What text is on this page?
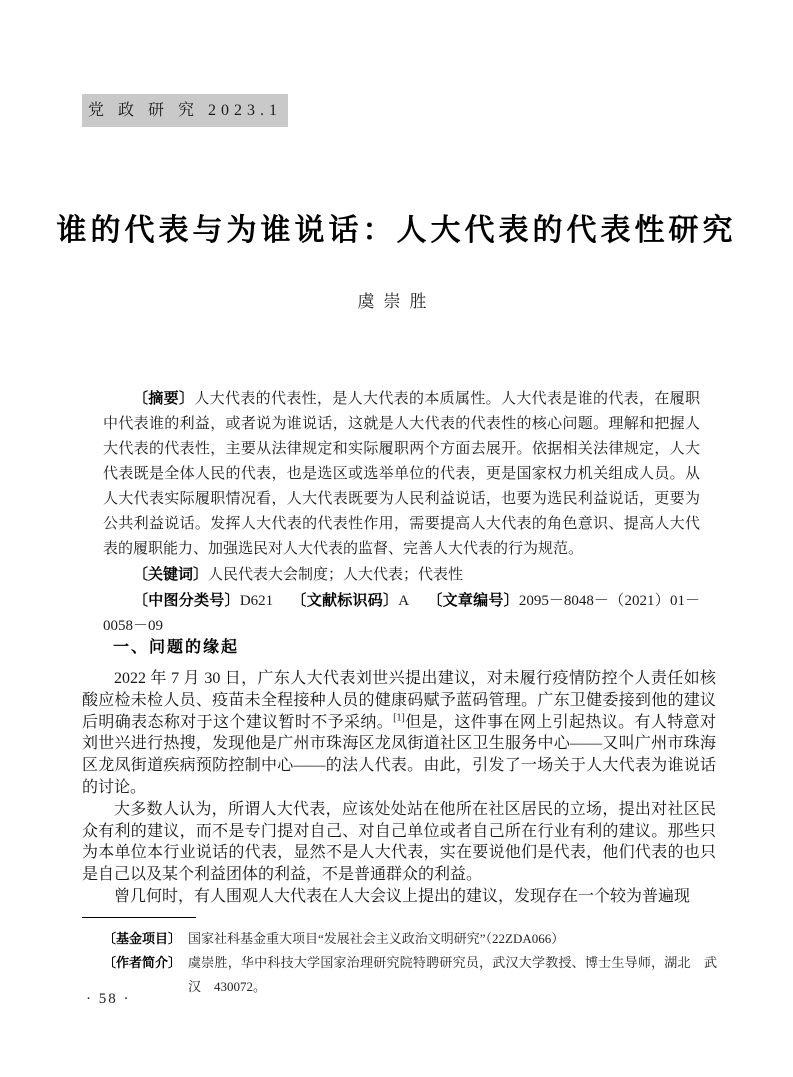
党 政 研 究 2023.1
谁的代表与为谁说话：人大代表的代表性研究
虞崇胜

〔摘要〕人大代表的代表性，是人大代表的本质属性。人大代表是谁的代表，在履职中代表谁的利益，或者说为谁说话，这就是人大代表的代表性的核心问题。理解和把握人大代表的代表性，主要从法律规定和实际履职两个方面去展开。依据相关法律规定，人大代表既是全体人民的代表，也是选区或选举单位的代表，更是国家权力机关组成人员。从人大代表实际履职情况看，人大代表既要为人民利益说话，也要为选民利益说话，更要为公共利益说话。发挥人大代表的代表性作用，需要提高人大代表的角色意识、提高人大代表的履职能力、加强选民对人大代表的监督、完善人大代表的行为规范。

〔关键词〕人民代表大会制度；人大代表；代表性

〔中图分类号〕D621 〔文献标识码〕A 〔文章编号〕2095－8048－（2021）01－0058－09

一、问题的缘起

2022 年 7 月 30 日，广东人大代表刘世兴提出建议，对未履行疫情防控个人责任如核酸应检未检人员、疫苗未全程接种人员的健康码赋予蓝码管理。广东卫健委接到他的建议后明确表态称对于这个建议暂时不予采纳。[1]但是，这件事在网上引起热议。有人特意对刘世兴进行热搜，发现他是广州市珠海区龙凤街道社区卫生服务中心——又叫广州市珠海区龙凤街道疾病预防控制中心——的法人代表。由此，引发了一场关于人大代表为谁说话的讨论。

大多数人认为，所谓人大代表，应该处处站在他所在社区居民的立场，提出对社区民众有利的建议，而不是专门提对自己、对自己单位或者自己所在行业有利的建议。那些只为本单位本行业说话的代表，显然不是人大代表，实在要说他们是代表，他们代表的也只是自己以及某个利益团体的利益，不是普通群众的利益。

曾几何时，有人围观人大代表在人大会议上提出的建议，发现存在一个较为普遍现

〔基金项目〕 国家社科基金重大项目“发展社会主义政治文明研究”（22ZDA066）
〔作者简介〕 虞崇胜，华中科技大学国家治理研究院特聘研究员，武汉大学教授、博士生导师，湖北　武汉　430072。
· 58 ·
